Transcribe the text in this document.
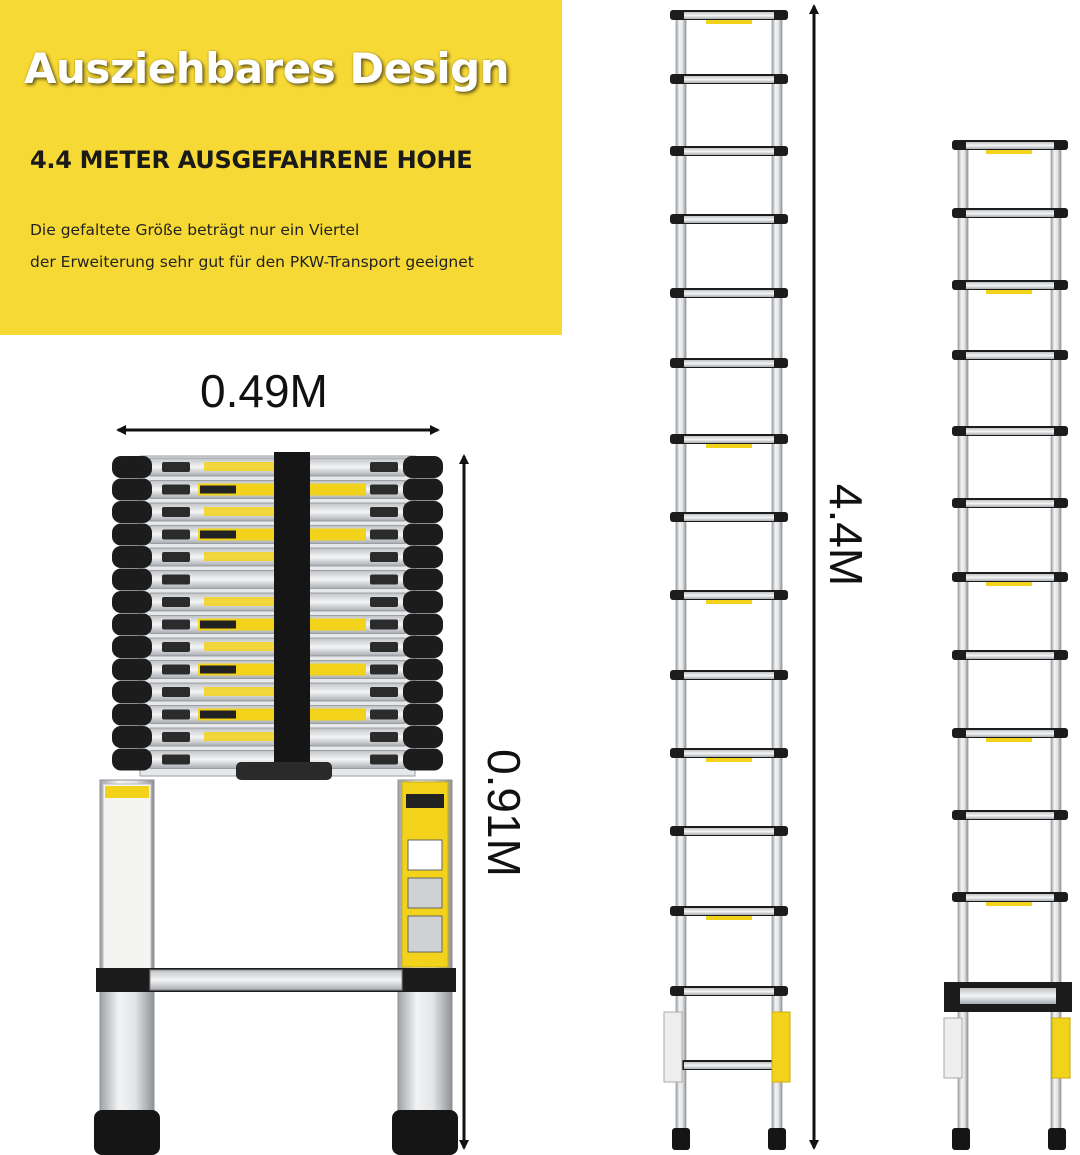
Ausziehbares Design
4.4 METER AUSGEFAHRENE HOHE

Die gefaltete Größe beträgt nur ein Viertel
der Erweiterung sehr gut für den PKW-Transport geeignet

0.49M
0.91M
4.4M
